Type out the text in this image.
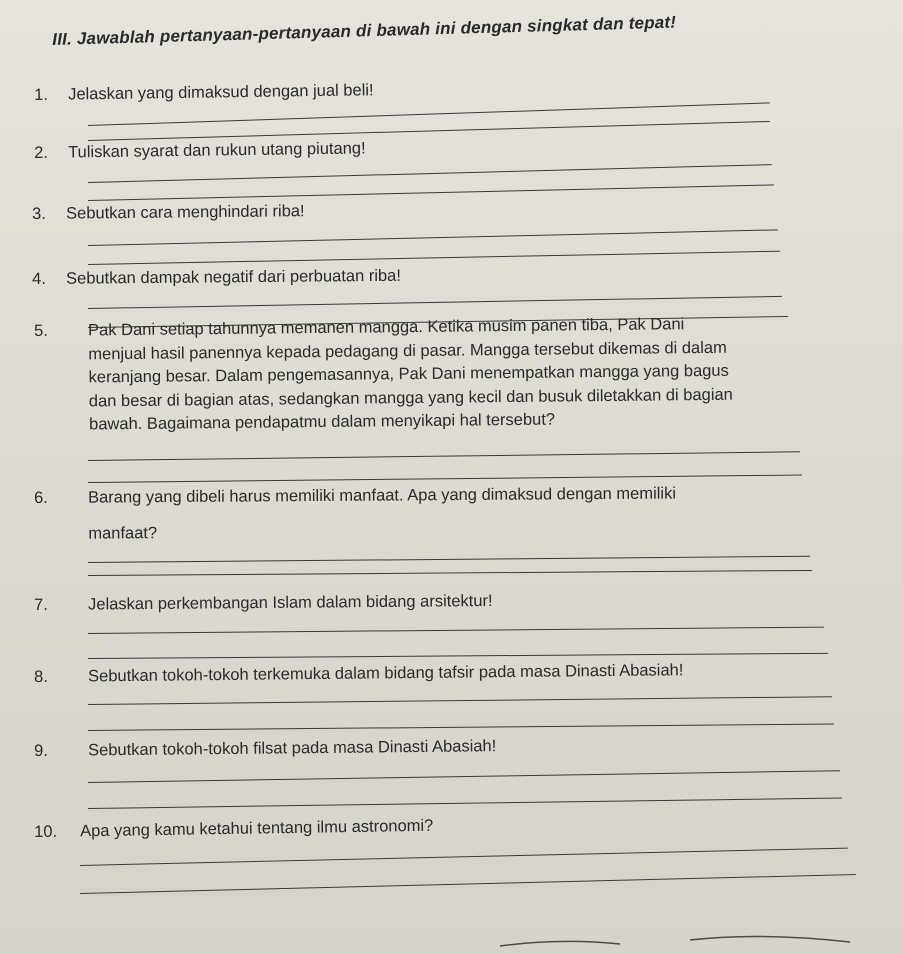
III. Jawablah pertanyaan-pertanyaan di bawah ini dengan singkat dan tepat!
1. Jelaskan yang dimaksud dengan jual beli!
2. Tuliskan syarat dan rukun utang piutang!
3. Sebutkan cara menghindari riba!
4. Sebutkan dampak negatif dari perbuatan riba!
5. Pak Dani setiap tahunnya memanen mangga. Ketika musim panen tiba, Pak Dani
menjual hasil panennya kepada pedagang di pasar. Mangga tersebut dikemas di dalam
keranjang besar. Dalam pengemasannya, Pak Dani menempatkan mangga yang bagus
dan besar di bagian atas, sedangkan mangga yang kecil dan busuk diletakkan di bagian
bawah. Bagaimana pendapatmu dalam menyikapi hal tersebut?
6. Barang yang dibeli harus memiliki manfaat. Apa yang dimaksud dengan memiliki
manfaat?
7. Jelaskan perkembangan Islam dalam bidang arsitektur!
8. Sebutkan tokoh-tokoh terkemuka dalam bidang tafsir pada masa Dinasti Abasiah!
9. Sebutkan tokoh-tokoh filsat pada masa Dinasti Abasiah!
10. Apa yang kamu ketahui tentang ilmu astronomi?
